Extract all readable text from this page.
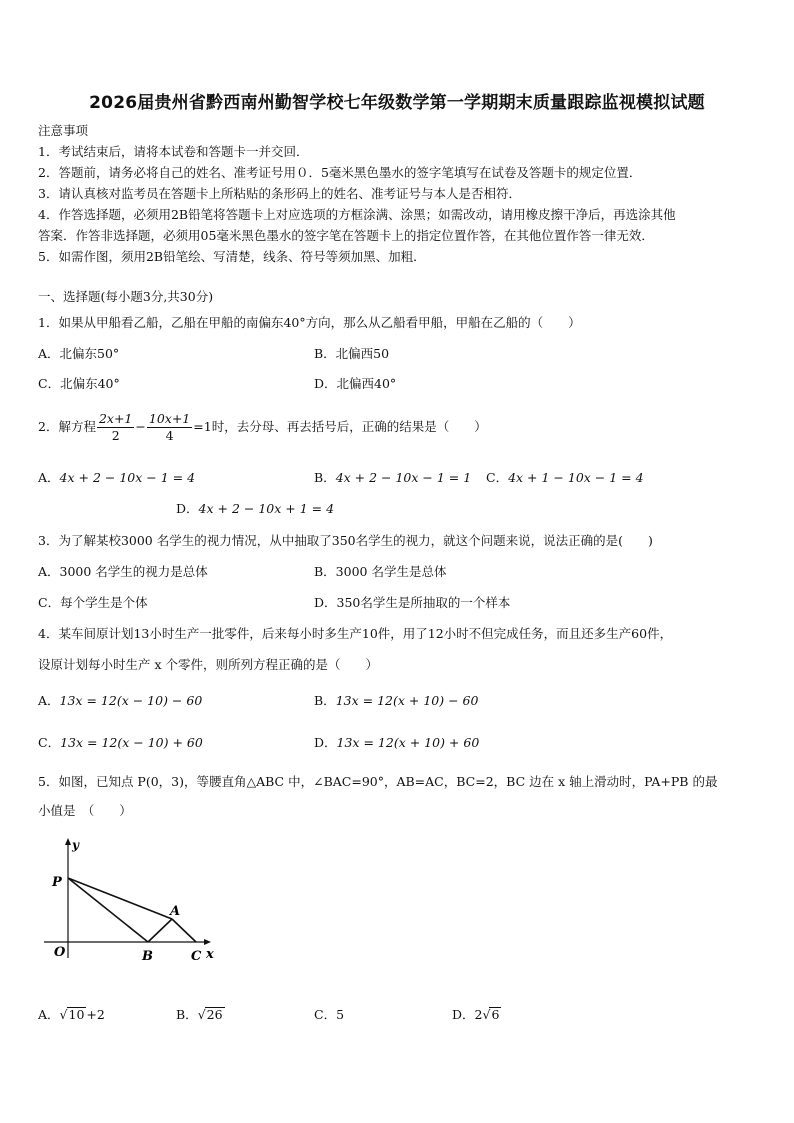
2026届贵州省黔西南州勤智学校七年级数学第一学期期末质量跟踪监视模拟试题
注意事项
1．考试结束后，请将本试卷和答题卡一并交回．
2．答题前，请务必将自己的姓名、准考证号用０．5毫米黑色墨水的签字笔填写在试卷及答题卡的规定位置．
3．请认真核对监考员在答题卡上所粘贴的条形码上的姓名、准考证号与本人是否相符．
4．作答选择题，必须用2B铅笔将答题卡上对应选项的方框涂满、涂黑；如需改动，请用橡皮擦干净后，再选涂其他
答案．作答非选择题，必须用05毫米黑色墨水的签字笔在答题卡上的指定位置作答，在其他位置作答一律无效．
5．如需作图，须用2B铅笔绘、写清楚，线条、符号等须加黑、加粗．
一、选择题(每小题3分,共30分)
1．如果从甲船看乙船，乙船在甲船的南偏东40°方向，那么从乙船看甲船，甲船在乙船的（　　）
A．北偏东50°	B．北偏西50
C．北偏东40°	D．北偏西40°
2．解方程 $\frac{2x+1}{2} - \frac{10x+1}{4} =1$时，去分母、再去括号后，正确的结果是（　　）
A．4x + 2 − 10x − 1 = 4	B．4x + 2 − 10x − 1 = 1 C．4x + 1 − 10x − 1 = 4
D．4x + 2 − 10x + 1 = 4
3．为了解某校3000 名学生的视力情况，从中抽取了350名学生的视力，就这个问题来说，说法正确的是(　　)
A．3000 名学生的视力是总体	B．3000 名学生是总体
C．每个学生是个体	D．350名学生是所抽取的一个样本
4．某车间原计划13小时生产一批零件，后来每小时多生产10件，用了12小时不但完成任务，而且还多生产60件，
设原计划每小时生产 x 个零件，则所列方程正确的是（　　）
A．13x = 12(x − 10) − 60	B．13x = 12(x + 10) − 60
C．13x = 12(x − 10) + 60	D．13x = 12(x + 10) + 60
5．如图，已知点 P(0，3)，等腰直角△ABC 中，∠BAC=90°，AB=AC，BC=2，BC 边在 x 轴上滑动时，PA+PB 的最
小值是　（　　）
y
P
A
O	B	C x
A．√10 +2	B．√26	C．5	D．2√6
